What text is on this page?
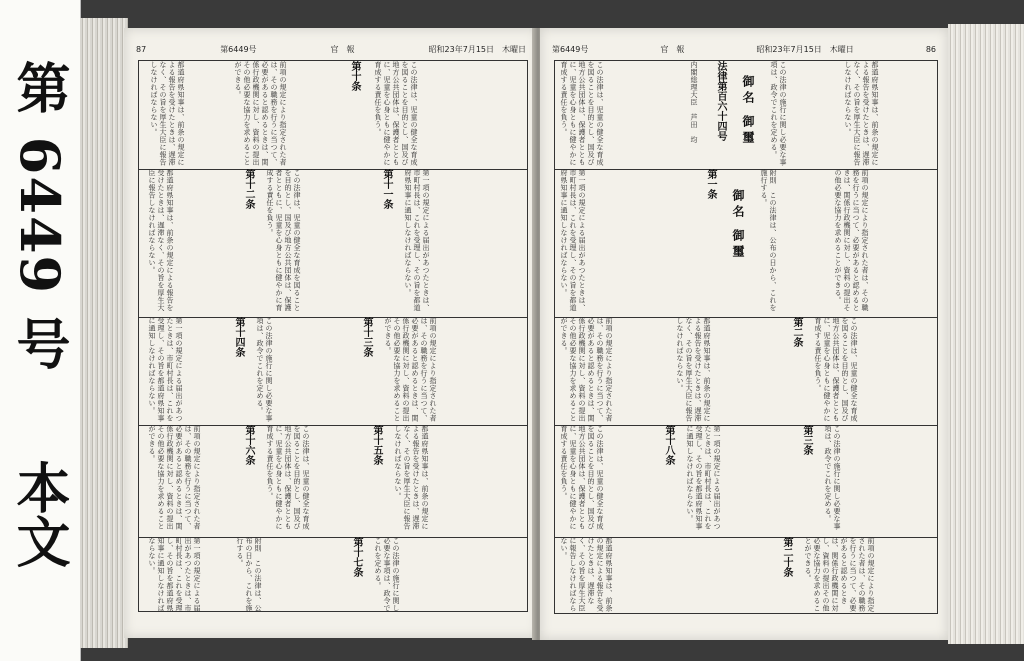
第 6449 号
本文
87	第6449号	官　報	昭和23年7月15日　木曜日
この法律は、児童の健全な育成を図ることを目的とし、国及び地方公共団体は、保護者とともに、児童を心身ともに健やかに育成する責任を負う。
第十条
前項の規定により指定された者は、その職務を行うに当つて、必要があると認めるときは、関係行政機関に対し、資料の提出その他必要な協力を求めることができる。
都道府県知事は、前条の規定による報告を受けたときは、遅滞なく、その旨を厚生大臣に報告しなければならない。
第一項の規定による届出があつたときは、市町村長は、これを受理し、その旨を都道府県知事に通知しなければならない。
第十一条
この法律は、児童の健全な育成を図ることを目的とし、国及び地方公共団体は、保護者とともに、児童を心身ともに健やかに育成する責任を負う。
第十二条
都道府県知事は、前条の規定による報告を受けたときは、遅滞なく、その旨を厚生大臣に報告しなければならない。
前項の規定により指定された者は、その職務を行うに当つて、必要があると認めるときは、関係行政機関に対し、資料の提出その他必要な協力を求めることができる。
第十三条
この法律の施行に関し必要な事項は、政令でこれを定める。
第十四条
第一項の規定による届出があつたときは、市町村長は、これを受理し、その旨を都道府県知事に通知しなければならない。
都道府県知事は、前条の規定による報告を受けたときは、遅滞なく、その旨を厚生大臣に報告しなければならない。
第十五条
この法律は、児童の健全な育成を図ることを目的とし、国及び地方公共団体は、保護者とともに、児童を心身ともに健やかに育成する責任を負う。
第十六条
前項の規定により指定された者は、その職務を行うに当つて、必要があると認めるときは、関係行政機関に対し、資料の提出その他必要な協力を求めることができる。
この法律の施行に関し必要な事項は、政令でこれを定める。
第十七条
附則　この法律は、公布の日から、これを施行する。
第一項の規定による届出があつたときは、市町村長は、これを受理し、その旨を都道府県知事に通知しなければならない。
第6449号	官　報	昭和23年7月15日　木曜日	86
都道府県知事は、前条の規定による報告を受けたときは、遅滞なく、その旨を厚生大臣に報告しなければならない。
この法律の施行に関し必要な事項は、政令でこれを定める。
御名 御璽
法律第百六十四号
内閣総理大臣　芦田　均
この法律は、児童の健全な育成を図ることを目的とし、国及び地方公共団体は、保護者とともに、児童を心身ともに健やかに育成する責任を負う。
前項の規定により指定された者は、その職務を行うに当つて、必要があると認めるときは、関係行政機関に対し、資料の提出その他必要な協力を求めることができる。
附則　この法律は、公布の日から、これを施行する。
御名 御璽
第一条
第一項の規定による届出があつたときは、市町村長は、これを受理し、その旨を都道府県知事に通知しなければならない。
この法律は、児童の健全な育成を図ることを目的とし、国及び地方公共団体は、保護者とともに、児童を心身ともに健やかに育成する責任を負う。
第二条
都道府県知事は、前条の規定による報告を受けたときは、遅滞なく、その旨を厚生大臣に報告しなければならない。
前項の規定により指定された者は、その職務を行うに当つて、必要があると認めるときは、関係行政機関に対し、資料の提出その他必要な協力を求めることができる。
この法律の施行に関し必要な事項は、政令でこれを定める。
第三条
第一項の規定による届出があつたときは、市町村長は、これを受理し、その旨を都道府県知事に通知しなければならない。
第十八条
この法律は、児童の健全な育成を図ることを目的とし、国及び地方公共団体は、保護者とともに、児童を心身ともに健やかに育成する責任を負う。
前項の規定により指定された者は、その職務を行うに当つて、必要があると認めるときは、関係行政機関に対し、資料の提出その他必要な協力を求めることができる。
第二十条
都道府県知事は、前条の規定による報告を受けたときは、遅滞なく、その旨を厚生大臣に報告しなければならない。
